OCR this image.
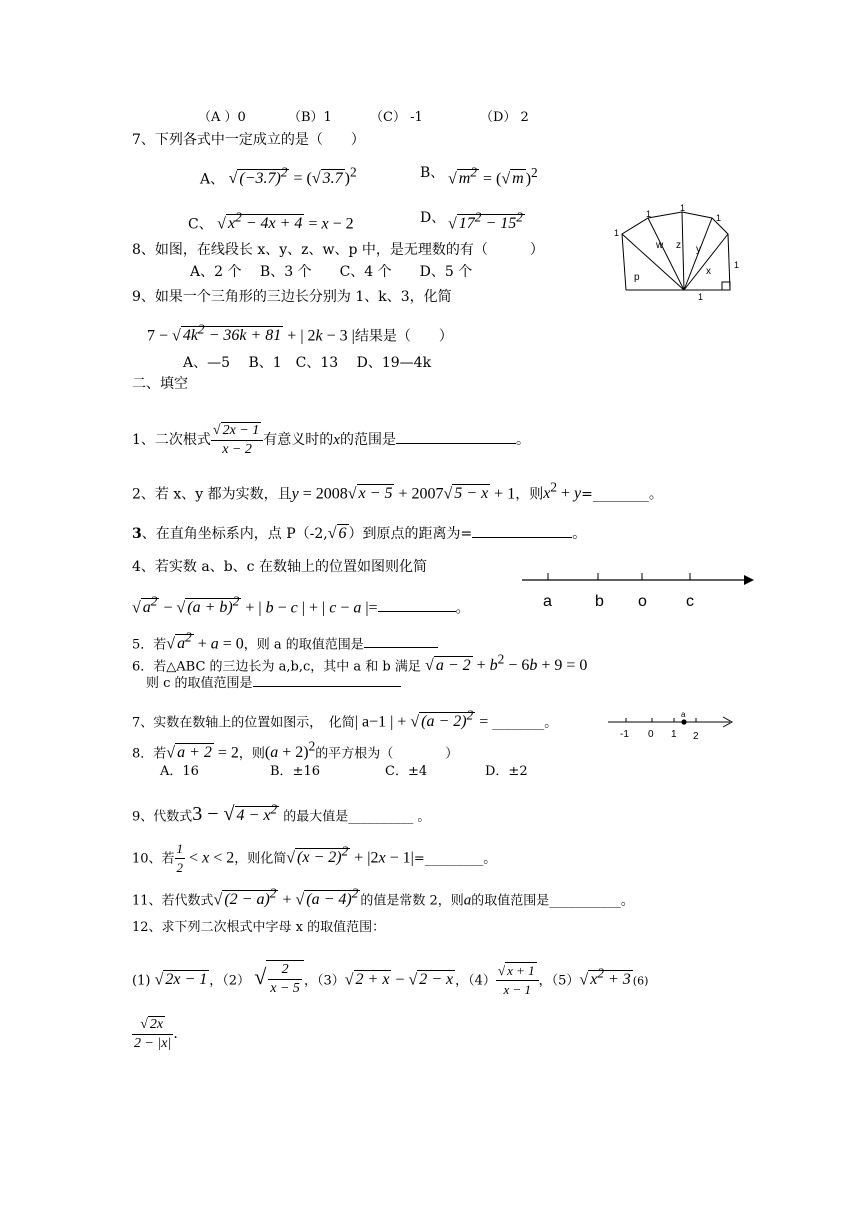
（A ）0	（B）1	（C） -1	（D） 2
7、下列各式中一定成立的是（　　）
A、 √ $(-3.7)^2$ = (√ 3.7 )$^2$	B、 √ $m^2$ = (√ m )$^2$
C、 √ $x^2 - 4x + 4 = x - 2$	D、 √ $17^2 - 15^2$
1
1
1
1
1
1
w z y
x
p
8、如图，在线段长 x、y、z、w、p 中，是无理数的有（　　　）
A、2 个　 B、3 个　　C、4 个　　D、5 个
9、如果一个三角形的三边长分别为 1、k、3，化简
7 − √ $4k^2 - 36k + 81$ + | 2k − 3 |结果是（　　）
A、—5　 B、1　C、13　 D、19—4k
二、填空
1、二次根式 $\frac{√ 2x - 1}{x - 2}$ 有意义时的x的范围是	。
2、若 x、y 都为实数，且y = 2008√ x − 5 + 2007√ 5 − x + 1，则$x^2$ + y=________。
3、在直角坐标系内，点 P（-2,√ 6 ）到原点的距离为=	。
4、若实数 a、b、c 在数轴上的位置如图则化简
√ $a^2$ − √ $(a + b)^2$ + | b − c | + | c − a |=	。	a	b o c
5．若√ $a^2 + a = 0$，则 a 的取值范围是
6．若△ABC 的三边长为 a,b,c，其中 a 和 b 满足 √ $a - 2 + b^2 - 6b + 9 = 0$
则 c 的取值范围是
7、实数在数轴上的位置如图示，　化简| a−1 | + √ $(a - 2)^2$ = ________。
a
-1 0 1 2
8．若√ a + 2 = 2，则$(a + 2)^2$的平方根为（　　　　）
A．16	B．±16	C．±4	D．±2
9、代数式3 − √ $4 - x^2$ 的最大值是__________ 。
10、若 $\frac{1}{2} < x < 2$，则化简√ $(x - 2)^2 + |2x$ − 1|=_________。
11、若代数式√ $(2 - a)^2$ + √ $(a - 4)^2$ 的值是常数 2，则a的取值范围是___________。
12、求下列二次根式中字母 x 的取值范围：
(1) √ 2x − 1 ，（2） √ $\frac{2}{x - 5}$ ，（3）√ 2 + x − √ 2 − x ，$(4) \frac{√ x + 1}{x - 1}$ ，（5）√ $x^2 + 3$ (6)
$\frac{√ 2x}{2 - |x|}$ .
